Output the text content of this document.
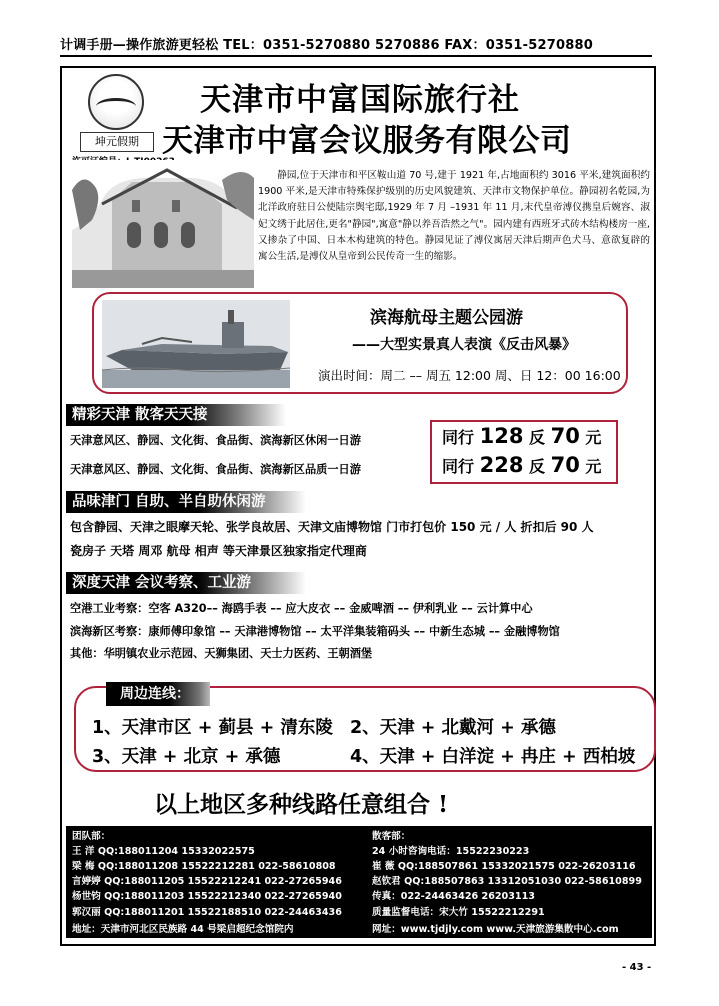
计调手册—操作旅游更轻松 TEL：0351-5270880 5270886 FAX：0351-5270880
坤元假期
天津市中富国际旅行社
天津市中富会议服务有限公司
静园,位于天津市和平区鞍山道 70 号,建于 1921 年,占地面积约 3016 平米,建筑面积约 1900 平米,是天津市特殊保护级别的历史风貌建筑、天津市文物保护单位。静园初名乾园,为北洋政府驻日公使陆宗舆宅邸,1929 年 7 月 –1931 年 11 月,末代皇帝溥仪携皇后婉容、淑妃文绣于此居住,更名"静园",寓意"静以养吾浩然之气"。园内建有西班牙式砖木结构楼房一座,又掺杂了中国、日本木构建筑的特色。静园见证了溥仪寓居天津后期声色犬马、意欲复辟的寓公生活,是溥仪从皇帝到公民传奇一生的缩影。
滨海航母主题公园游
——大型实景真人表演《反击风暴》
演出时间：周二 –– 周五 12:00 周、日 12：00 16:00
精彩天津 散客天天接
天津意风区、静园、文化街、食品街、滨海新区休闲一日游
天津意风区、静园、文化街、食品街、滨海新区品质一日游
同行 128 反 70 元
同行 228 反 70 元
品味津门 自助、半自助休闲游
包含静园、天津之眼摩天轮、张学良故居、天津文庙博物馆 门市打包价 150 元 / 人 折扣后 90 人
瓷房子 天塔 周邓 航母 相声 等天津景区独家指定代理商
深度天津 会议考察、工业游
空港工业考察：空客 A320–– 海鸥手表 –– 应大皮衣 –– 金威啤酒 –– 伊利乳业 –– 云计算中心
滨海新区考察：康师傅印象馆 –– 天津港博物馆 –– 太平洋集装箱码头 –– 中新生态城 –– 金融博物馆
其他：华明镇农业示范园、天狮集团、天士力医药、王朝酒堡
周边连线：
1、天津市区 + 蓟县 + 清东陵 2、天津 + 北戴河 + 承德
3、天津 + 北京 + 承德	4、天津 + 白洋淀 + 冉庄 + 西柏坡
以上地区多种线路任意组合 !
团队部：
王 洋 QQ:188011204 15332022575
梁 梅 QQ:188011208 15522212281 022-58610808
言婷婷 QQ:188011205 15522212241 022-27265946
杨世钧 QQ:188011203 15522212340 022-27265940
郭汉丽 QQ:188011201 15522188510 022-24463436
地址：天津市河北区民族路 44 号梁启超纪念馆院内
散客部：
24 小时咨询电话：15522230223
崔 薇 QQ:188507861 15332021575 022-26203116
赵钦君 QQ:188507863 13312051030 022-58610899
传真：022-24463426 26203113
质量监督电话：宋大竹 15522212291
网址：www.tjdjly.com www.天津旅游集散中心.com
- 43 -
